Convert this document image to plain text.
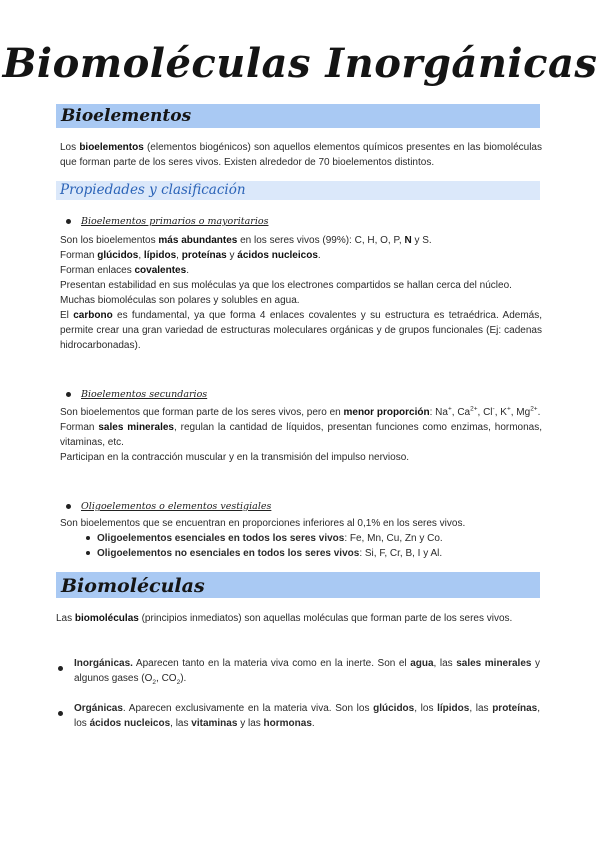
Biomoléculas Inorgánicas
Bioelementos
Los bioelementos (elementos biogénicos) son aquellos elementos químicos presentes en las biomoléculas que forman parte de los seres vivos. Existen alrededor de 70 bioelementos distintos.
Propiedades y clasificación
Bioelementos primarios o mayoritarios
Son los bioelementos más abundantes en los seres vivos (99%): C, H, O, P, N y S.
Forman glúcidos, lípidos, proteínas y ácidos nucleicos.
Forman enlaces covalentes.
Presentan estabilidad en sus moléculas ya que los electrones compartidos se hallan cerca del núcleo.
Muchas biomoléculas son polares y solubles en agua.
El carbono es fundamental, ya que forma 4 enlaces covalentes y su estructura es tetraédrica. Además, permite crear una gran variedad de estructuras moleculares orgánicas y de grupos funcionales (Ej: cadenas hidrocarbonadas).
Bioelementos secundarios
Son bioelementos que forman parte de los seres vivos, pero en menor proporción: Na+, $Ca^{2+}$, Cl-, K+, $Mg^{2+}$.
Forman sales minerales, regulan la cantidad de líquidos, presentan funciones como enzimas, hormonas, vitaminas, etc.
Participan en la contracción muscular y en la transmisión del impulso nervioso.
Oligoelementos o elementos vestigiales
Son bioelementos que se encuentran en proporciones inferiores al 0,1% en los seres vivos.
Oligoelementos esenciales en todos los seres vivos: Fe, Mn, Cu, Zn y Co.
Oligoelementos no esenciales en todos los seres vivos: Si, F, Cr, B, I y Al.
Biomoléculas
Las biomoléculas (principios inmediatos) son aquellas moléculas que forman parte de los seres vivos.
Inorgánicas. Aparecen tanto en la materia viva como en la inerte. Son el agua, las sales minerales y algunos gases ($O_2$, $CO_2$).
Orgánicas. Aparecen exclusivamente en la materia viva. Son los glúcidos, los lípidos, las proteínas, los ácidos nucleicos, las vitaminas y las hormonas.
